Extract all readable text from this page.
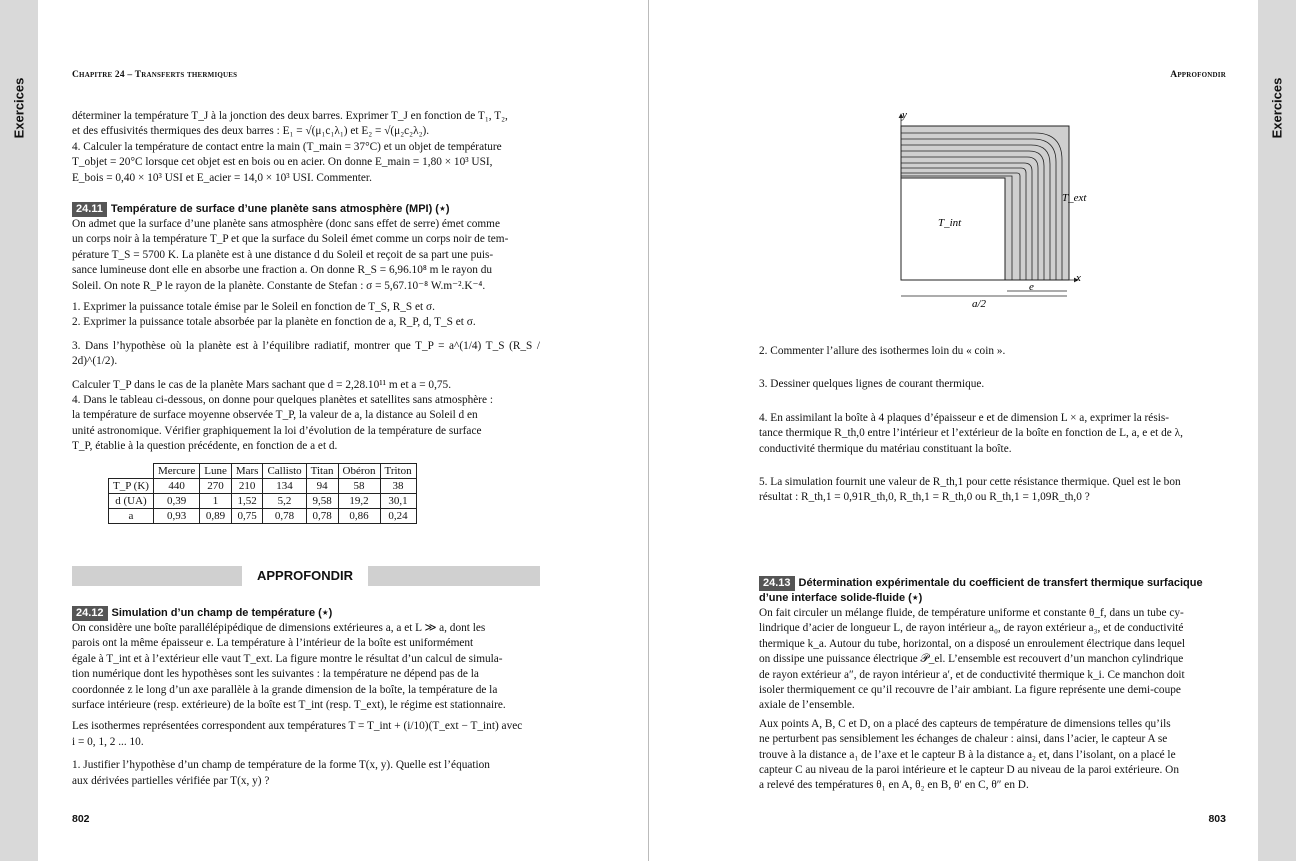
Exercices	Exercices
Chapitre 24 – Transferts thermiques

déterminer la température T_J à la jonction des deux barres. Exprimer T_J en fonction de T₁, T₂,

et des effusivités thermiques des deux barres : E₁ = √(μ₁c₁λ₁) et E₂ = √(μ₂c₂λ₂).

4. Calculer la température de contact entre la main (T_main = 37°C) et un objet de température

T_objet = 20°C lorsque cet objet est en bois ou en acier. On donne E_main = 1,80 × 10³ USI,

E_bois = 0,40 × 10³ USI et E_acier = 14,0 × 10³ USI. Commenter.

24.11 Température de surface d’une planète sans atmosphère (MPI) (⋆)

On admet que la surface d’une planète sans atmosphère (donc sans effet de serre) émet comme

un corps noir à la température T_P et que la surface du Soleil émet comme un corps noir de tem-

pérature T_S = 5700 K. La planète est à une distance d du Soleil et reçoit de sa part une puis-

sance lumineuse dont elle en absorbe une fraction a. On donne R_S = 6,96.10⁸ m le rayon du

Soleil. On note R_P le rayon de la planète. Constante de Stefan : σ = 5,67.10⁻⁸ W.m⁻².K⁻⁴.

1. Exprimer la puissance totale émise par le Soleil en fonction de T_S, R_S et σ.

2. Exprimer la puissance totale absorbée par la planète en fonction de a, R_P, d, T_S et σ.

3. Dans l’hypothèse où la planète est à l’équilibre radiatif, montrer que T_P = a^(1/4) T_S (R_S / 2d)^(1/2).

Calculer T_P dans le cas de la planète Mars sachant que d = 2,28.10¹¹ m et a = 0,75.

4. Dans le tableau ci-dessous, on donne pour quelques planètes et satellites sans atmosphère :

la température de surface moyenne observée T_P, la valeur de a, la distance au Soleil d en

unité astronomique. Vérifier graphiquement la loi d’évolution de la température de surface

T_P, établie à la question précédente, en fonction de a et d.

	Mercure	Lune	Mars	Callisto	Titan	Obéron	Triton
T_P (K)	440	270	210	134	94	58	38
d (UA)	0,39	1	1,52	5,2	9,58	19,2	30,1
a	0,93	0,89	0,75	0,78	0,78	0,86	0,24
APPROFONDIR
24.12 Simulation d’un champ de température (⋆)

On considère une boîte parallélépipédique de dimensions extérieures a, a et L ≫ a, dont les

parois ont la même épaisseur e. La température à l’intérieur de la boîte est uniformément

égale à T_int et à l’extérieur elle vaut T_ext. La figure montre le résultat d’un calcul de simula-

tion numérique dont les hypothèses sont les suivantes : la température ne dépend pas de la

coordonnée z le long d’un axe parallèle à la grande dimension de la boîte, la température de la

surface intérieure (resp. extérieure) de la boîte est T_int (resp. T_ext), le régime est stationnaire.

Les isothermes représentées correspondent aux températures T = T_int + (i/10)(T_ext − T_int) avec

i = 0, 1, 2 ... 10.

1. Justifier l’hypothèse d’un champ de température de la forme T(x, y). Quelle est l’équation

aux dérivées partielles vérifiée par T(x, y) ?

802
Approfondir
y
x
T_ext
T_int
e
a/2

2. Commenter l’allure des isothermes loin du « coin ».

3. Dessiner quelques lignes de courant thermique.

4. En assimilant la boîte à 4 plaques d’épaisseur e et de dimension L × a, exprimer la résis-

tance thermique R_th,0 entre l’intérieur et l’extérieur de la boîte en fonction de L, a, e et de λ,

conductivité thermique du matériau constituant la boîte.

5. La simulation fournit une valeur de R_th,1 pour cette résistance thermique. Quel est le bon

résultat : R_th,1 = 0,91R_th,0, R_th,1 = R_th,0 ou R_th,1 = 1,09R_th,0 ?

24.13 Détermination expérimentale du coefficient de transfert thermique surfacique
d’une interface solide-fluide (⋆)

On fait circuler un mélange fluide, de température uniforme et constante θ_f, dans un tube cy-

lindrique d’acier de longueur L, de rayon intérieur a₀, de rayon extérieur a₃, et de conductivité

thermique k_a. Autour du tube, horizontal, on a disposé un enroulement électrique dans lequel

on dissipe une puissance électrique 𝒫_el. L’ensemble est recouvert d’un manchon cylindrique

de rayon extérieur a″, de rayon intérieur a′, et de conductivité thermique k_i. Ce manchon doit

isoler thermiquement ce qu’il recouvre de l’air ambiant. La figure représente une demi-coupe

axiale de l’ensemble.

Aux points A, B, C et D, on a placé des capteurs de température de dimensions telles qu’ils

ne perturbent pas sensiblement les échanges de chaleur : ainsi, dans l’acier, le capteur A se

trouve à la distance a₁ de l’axe et le capteur B à la distance a₂ et, dans l’isolant, on a placé le

capteur C au niveau de la paroi intérieure et le capteur D au niveau de la paroi extérieure. On

a relevé des températures θ₁ en A, θ₂ en B, θ′ en C, θ″ en D.

803
